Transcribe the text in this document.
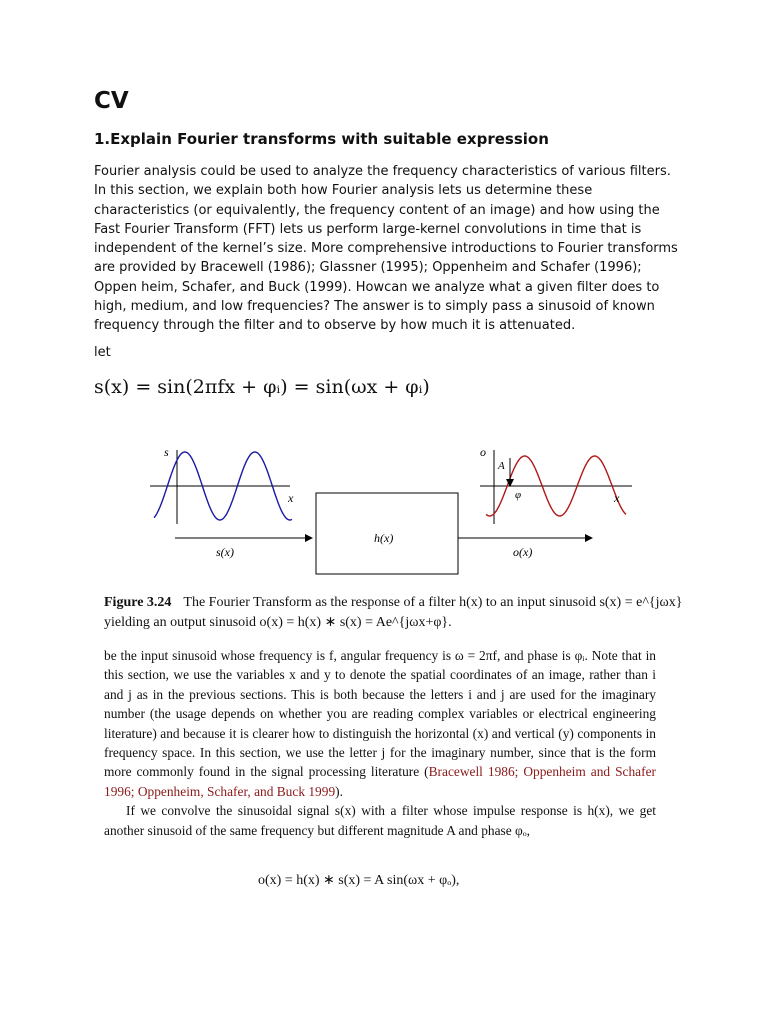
CV
1.Explain Fourier transforms with suitable expression
Fourier analysis could be used to analyze the frequency characteristics of various filters. In this section, we explain both how Fourier analysis lets us determine these characteristics (or equivalently, the frequency content of an image) and how using the Fast Fourier Transform (FFT) lets us perform large-kernel convolutions in time that is independent of the kernel’s size. More comprehensive introductions to Fourier transforms are provided by Bracewell (1986); Glassner (1995); Oppenheim and Schafer (1996); Oppen heim, Schafer, and Buck (1999). Howcan we analyze what a given filter does to high, medium, and low frequencies? The answer is to simply pass a sinusoid of known frequency through the filter and to observe by how much it is attenuated.
let
s(x) = sin(2πfx + φᵢ) = sin(ωx + φᵢ)
s
x
s(x)
h(x)
o(x)
o
A
φ	x
Figure 3.24 The Fourier Transform as the response of a filter h(x) to an input sinusoid s(x) = e^{jωx} yielding an output sinusoid o(x) = h(x) ∗ s(x) = Ae^{jωx+φ}.

be the input sinusoid whose frequency is f, angular frequency is ω = 2πf, and phase is φᵢ. Note that in this section, we use the variables x and y to denote the spatial coordinates of an image, rather than i and j as in the previous sections. This is both because the letters i and j are used for the imaginary number (the usage depends on whether you are reading complex variables or electrical engineering literature) and because it is clearer how to distinguish the horizontal (x) and vertical (y) components in frequency space. In this section, we use the letter j for the imaginary number, since that is the form more commonly found in the signal processing literature (Bracewell 1986; Oppenheim and Schafer 1996; Oppenheim, Schafer, and Buck 1999).

If we convolve the sinusoidal signal s(x) with a filter whose impulse response is h(x), we get another sinusoid of the same frequency but different magnitude A and phase φₒ,

o(x) = h(x) ∗ s(x) = A sin(ωx + φₒ),
